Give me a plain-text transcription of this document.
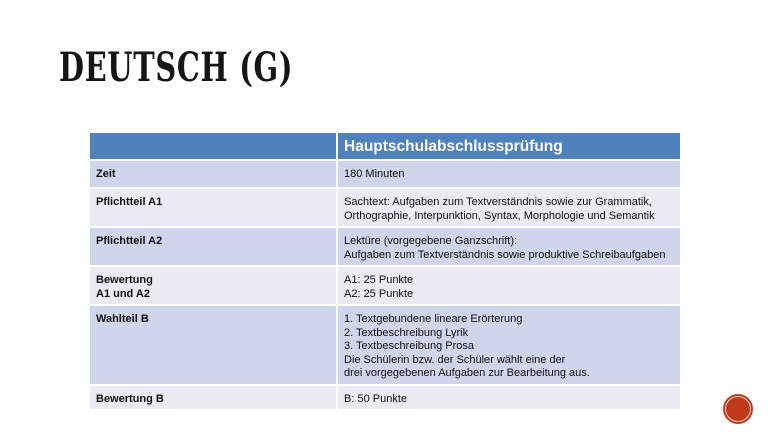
DEUTSCH (G)
	Hauptschulabschlussprüfung

Zeit	180 Minuten

Pflichtteil A1	Sachtext: Aufgaben zum Textverständnis sowie zur Grammatik,
Orthographie, Interpunktion, Syntax, Morphologie und Semantik

Pflichtteil A2	Lektüre (vorgegebene Ganzschrift):
Aufgaben zum Textverständnis sowie produktive Schreibaufgaben

Bewertung
A1 und A2	A1: 25 Punkte
A2: 25 Punkte

Wahlteil B	1. Textgebundene lineare Erörterung
2. Textbeschreibung Lyrik
3. Textbeschreibung Prosa
Die Schülerin bzw. der Schüler wählt eine der
drei vorgegebenen Aufgaben zur Bearbeitung aus.

Bewertung B	B: 50 Punkte
